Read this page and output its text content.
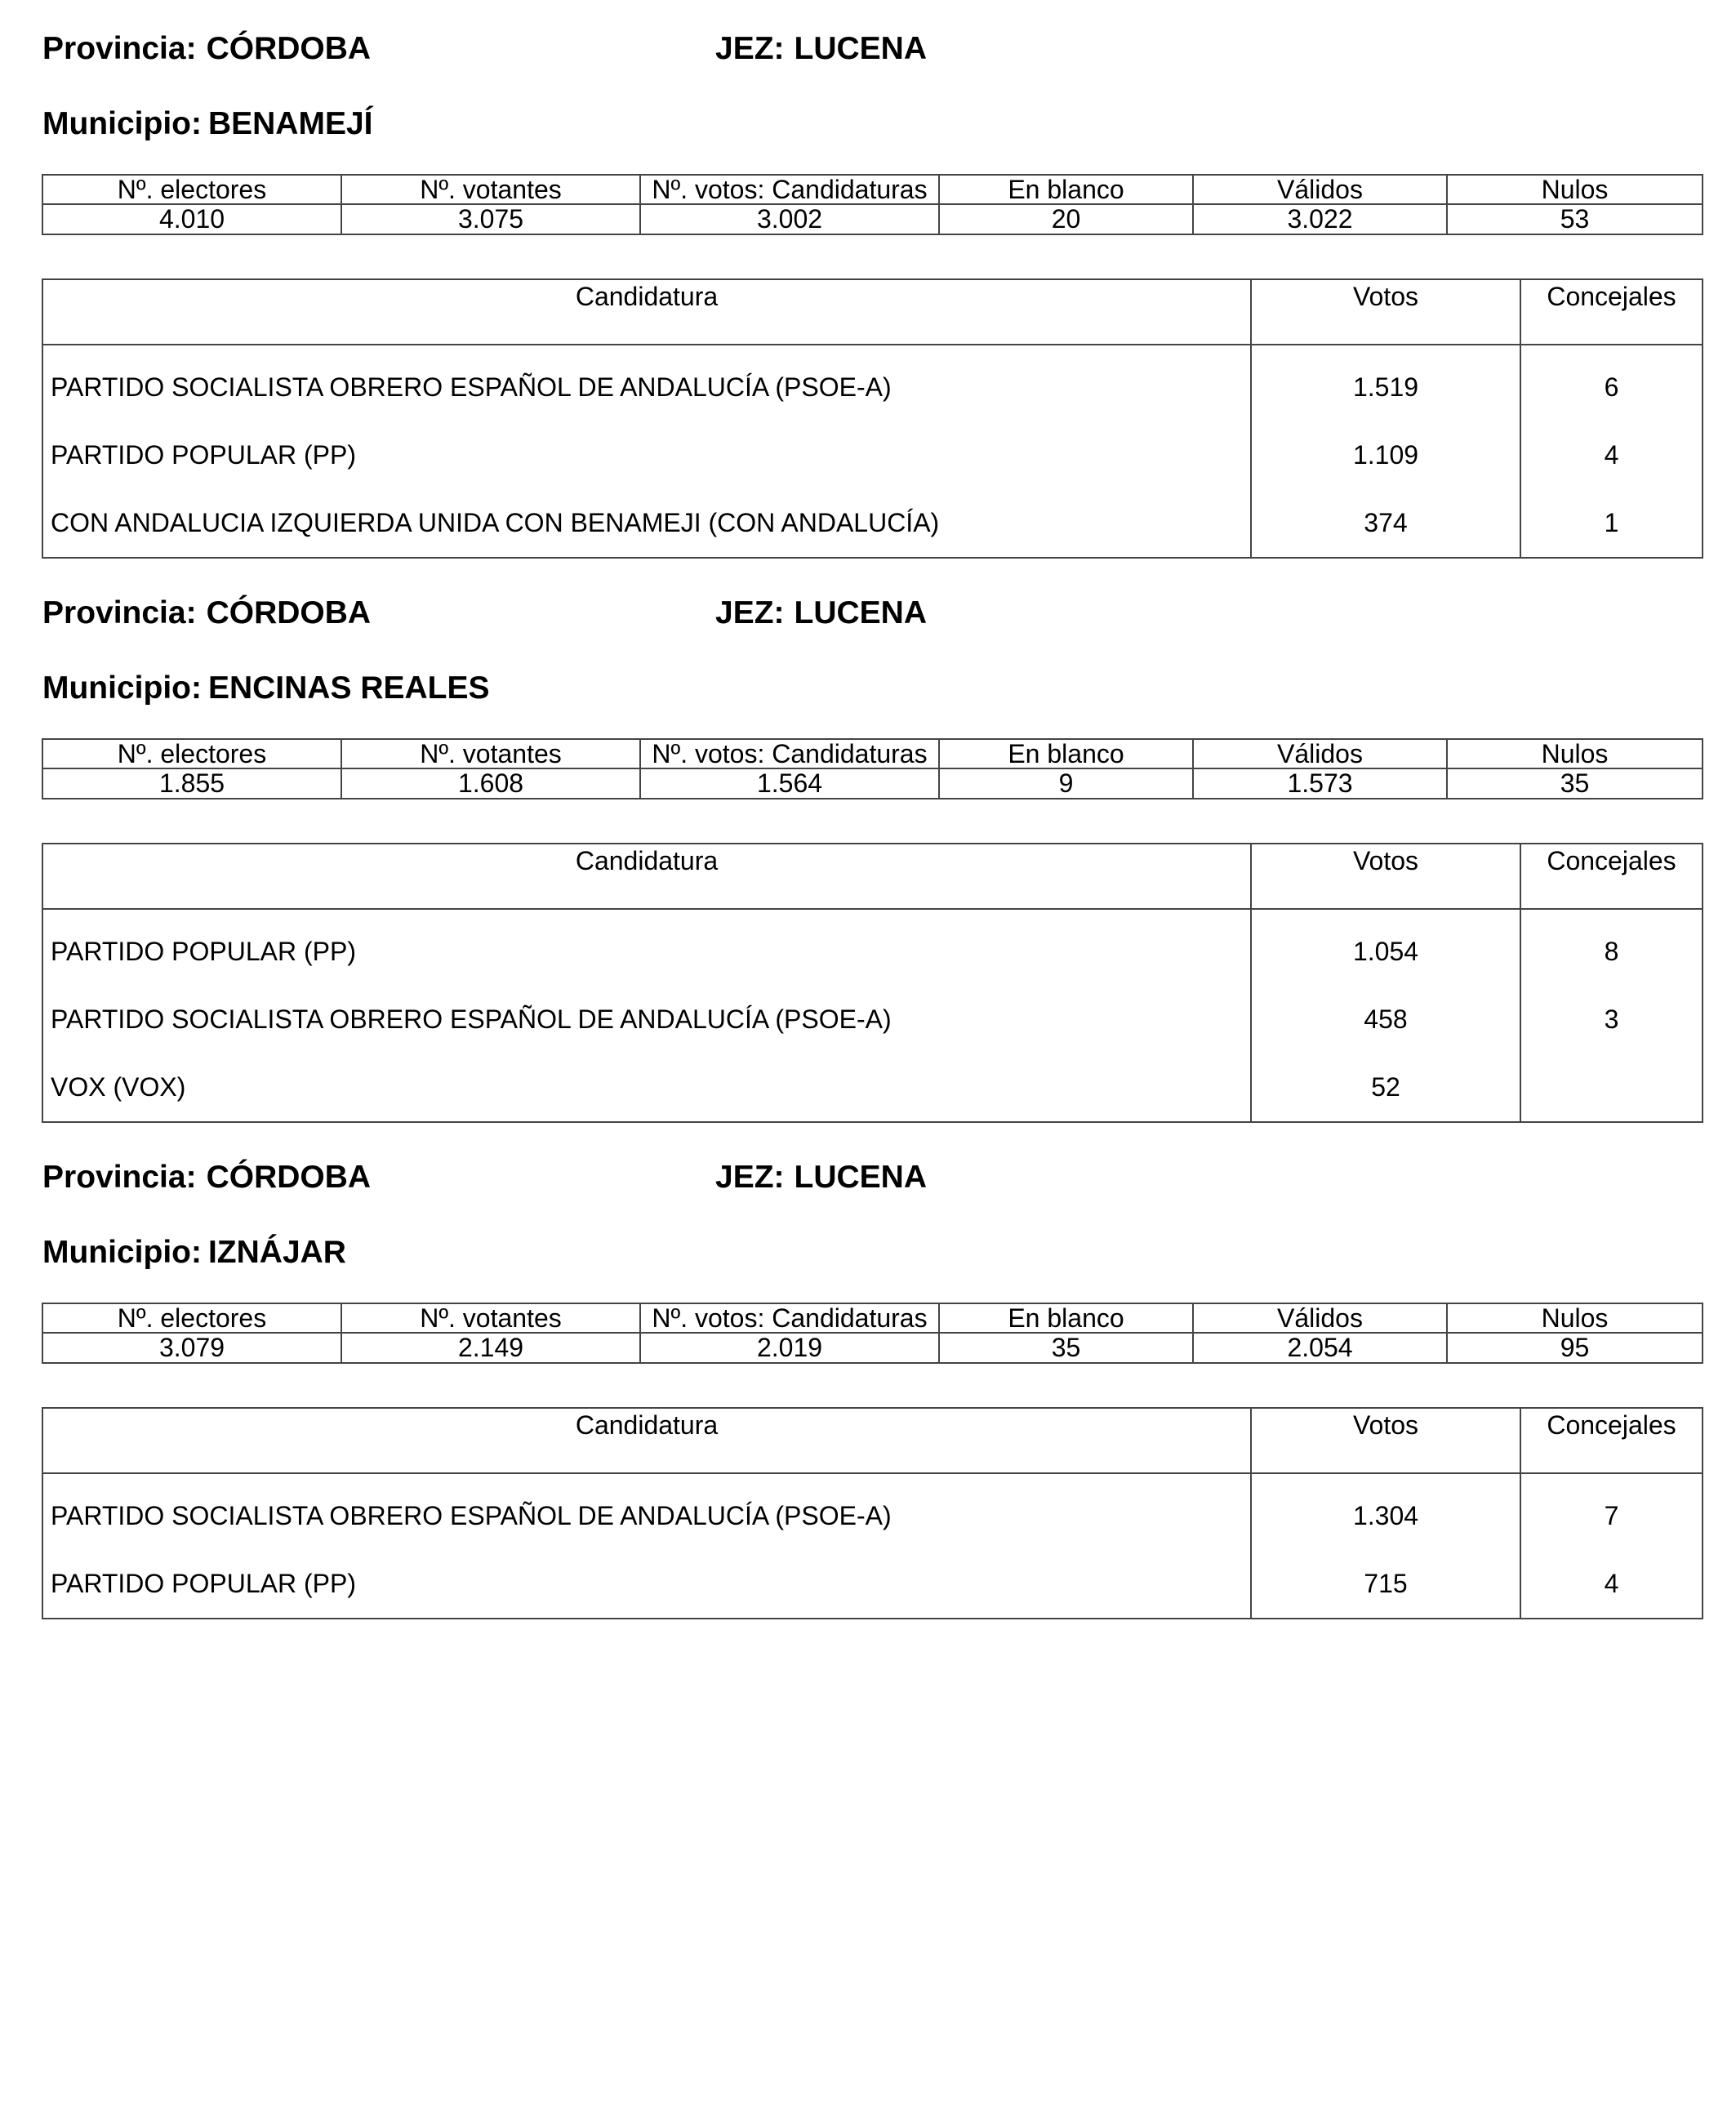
Provincia: CÓRDOBA	JEZ: LUCENA
Municipio: BENAMEJÍ
Nº. electores	Nº. votantes	Nº. votos: Candidaturas	En blanco	Válidos	Nulos
4.010	3.075	3.002	20	3.022	53
Candidatura	Votos	Concejales
PARTIDO SOCIALISTA OBRERO ESPAÑOL DE ANDALUCÍA (PSOE-A)	1.519	6
PARTIDO POPULAR (PP)	1.109	4
CON ANDALUCIA IZQUIERDA UNIDA CON BENAMEJI (CON ANDALUCÍA)	374	1
Provincia: CÓRDOBA	JEZ: LUCENA
Municipio: ENCINAS REALES
Nº. electores	Nº. votantes	Nº. votos: Candidaturas	En blanco	Válidos	Nulos
1.855	1.608	1.564	9	1.573	35
Candidatura	Votos	Concejales
PARTIDO POPULAR (PP)	1.054	8
PARTIDO SOCIALISTA OBRERO ESPAÑOL DE ANDALUCÍA (PSOE-A)	458	3
VOX (VOX)	52	
Provincia: CÓRDOBA	JEZ: LUCENA
Municipio: IZNÁJAR
Nº. electores	Nº. votantes	Nº. votos: Candidaturas	En blanco	Válidos	Nulos
3.079	2.149	2.019	35	2.054	95
Candidatura	Votos	Concejales
PARTIDO SOCIALISTA OBRERO ESPAÑOL DE ANDALUCÍA (PSOE-A)	1.304	7
PARTIDO POPULAR (PP)	715	4
